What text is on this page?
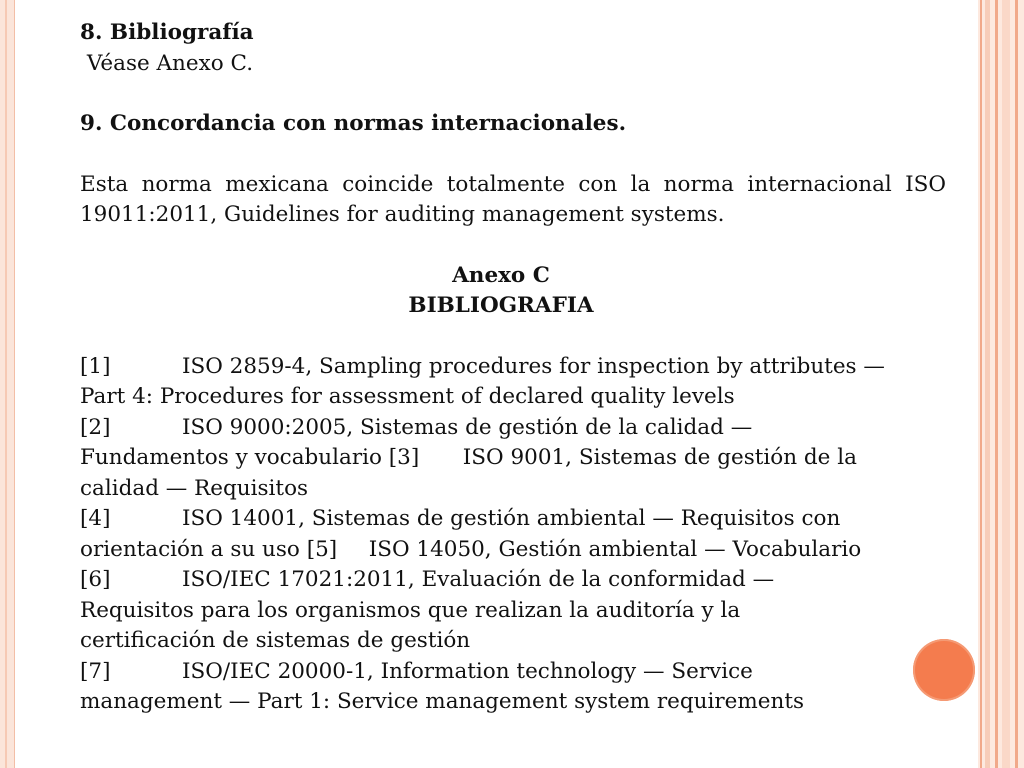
8. Bibliografía

Véase Anexo C.

9. Concordancia con normas internacionales.

Esta norma mexicana coincide totalmente con la norma internacional ISO 19011:2011, Guidelines for auditing management systems.

Anexo C

BIBLIOGRAFIA

[1]	ISO 2859-4, Sampling procedures for inspection by attributes —

Part 4: Procedures for assessment of declared quality levels

[2]	ISO 9000:2005, Sistemas de gestión de la calidad —

Fundamentos y vocabulario [3] ISO 9001, Sistemas de gestión de la

calidad — Requisitos

[4]	ISO 14001, Sistemas de gestión ambiental — Requisitos con

orientación a su uso [5] ISO 14050, Gestión ambiental — Vocabulario

[6]	ISO/IEC 17021:2011, Evaluación de la conformidad —

Requisitos para los organismos que realizan la auditoría y la

certificación de sistemas de gestión

[7]	ISO/IEC 20000-1, Information technology — Service

management — Part 1: Service management system requirements
